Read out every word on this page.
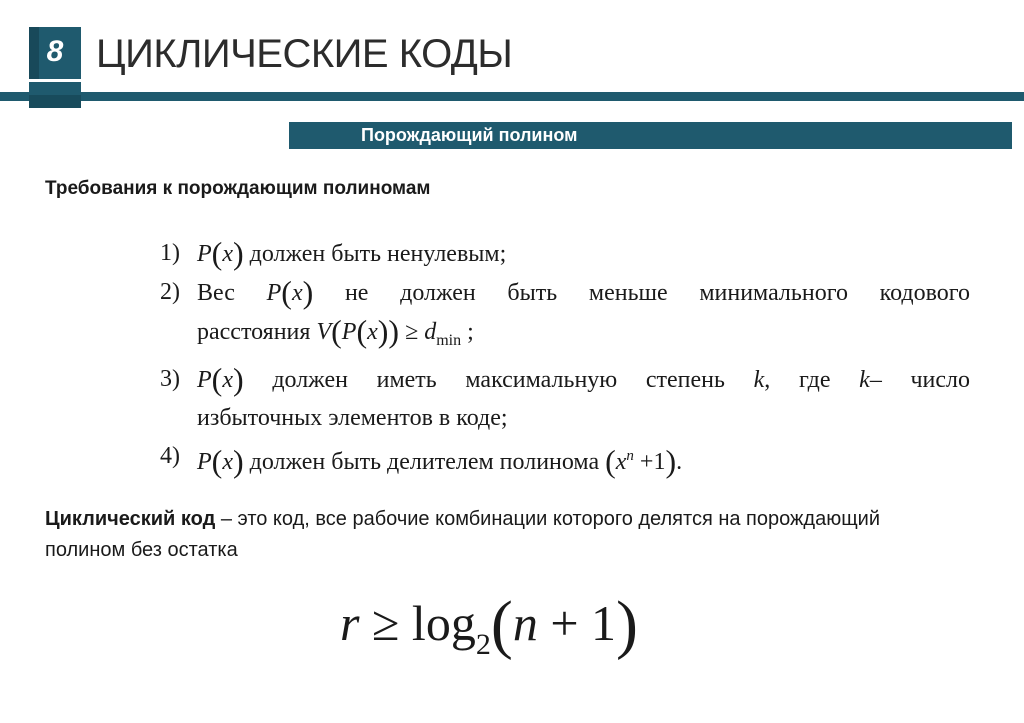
8 ЦИКЛИЧЕСКИЕ КОДЫ
Порождающий полином
Требования к порождающим полиномам
1) P(x) должен быть ненулевым;
2) Вес P(x) не должен быть меньше минимального кодового
расстояния $V(P(x)) \ge d_{min}$ ;
3) P(x) должен иметь максимальную степень k, где k– число
избыточных элементов в коде;
4) P(x) должен быть делителем полинома $(x^n +1)$.
Циклический код – это код, все рабочие комбинации которого делятся на порождающий полином без остатка
$r \ge \log_2(n + 1)$
